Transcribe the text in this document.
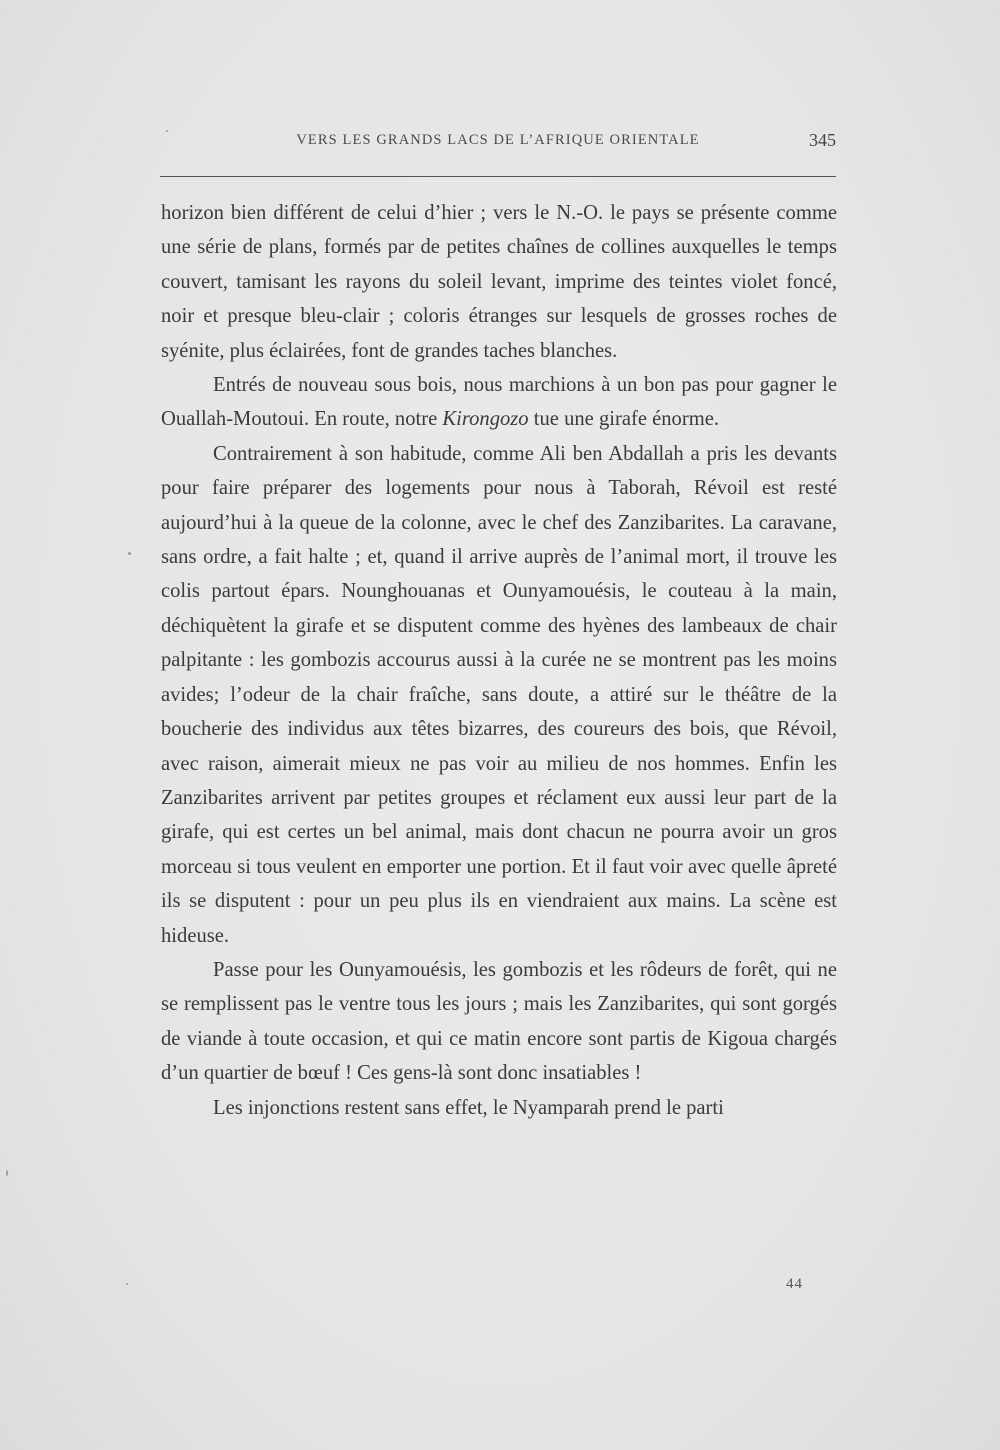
VERS LES GRANDS LACS DE L’AFRIQUE ORIENTALE	345

horizon bien différent de celui d’hier ; vers le N.-O. le pays se présente comme une série de plans, formés par de petites chaînes de collines auxquelles le temps couvert, tamisant les rayons du soleil levant, imprime des teintes violet foncé, noir et presque bleu-clair ; coloris étranges sur lesquels de grosses roches de syénite, plus éclairées, font de grandes taches blanches.

Entrés de nouveau sous bois, nous marchions à un bon pas pour gagner le Ouallah-Moutoui. En route, notre Kirongozo tue une girafe énorme.

Contrairement à son habitude, comme Ali ben Abdallah a pris les devants pour faire préparer des logements pour nous à Taborah, Révoil est resté aujourd’hui à la queue de la colonne, avec le chef des Zanzibarites. La caravane, sans ordre, a fait halte ; et, quand il arrive auprès de l’animal mort, il trouve les colis partout épars. Nounghouanas et Ounyamouésis, le couteau à la main, déchiquètent la girafe et se disputent comme des hyènes des lambeaux de chair palpitante : les gombozis accourus aussi à la curée ne se montrent pas les moins avides; l’odeur de la chair fraîche, sans doute, a attiré sur le théâtre de la boucherie des individus aux têtes bizarres, des coureurs des bois, que Révoil, avec raison, aimerait mieux ne pas voir au milieu de nos hommes. Enfin les Zanzibarites arrivent par petites groupes et réclament eux aussi leur part de la girafe, qui est certes un bel animal, mais dont chacun ne pourra avoir un gros morceau si tous veulent en emporter une portion. Et il faut voir avec quelle âpreté ils se disputent : pour un peu plus ils en viendraient aux mains. La scène est hideuse.

Passe pour les Ounyamouésis, les gombozis et les rôdeurs de forêt, qui ne se remplissent pas le ventre tous les jours ; mais les Zanzibarites, qui sont gorgés de viande à toute occasion, et qui ce matin encore sont partis de Kigoua chargés d’un quartier de bœuf ! Ces gens-là sont donc insatiables !

Les injonctions restent sans effet, le Nyamparah prend le parti

44
